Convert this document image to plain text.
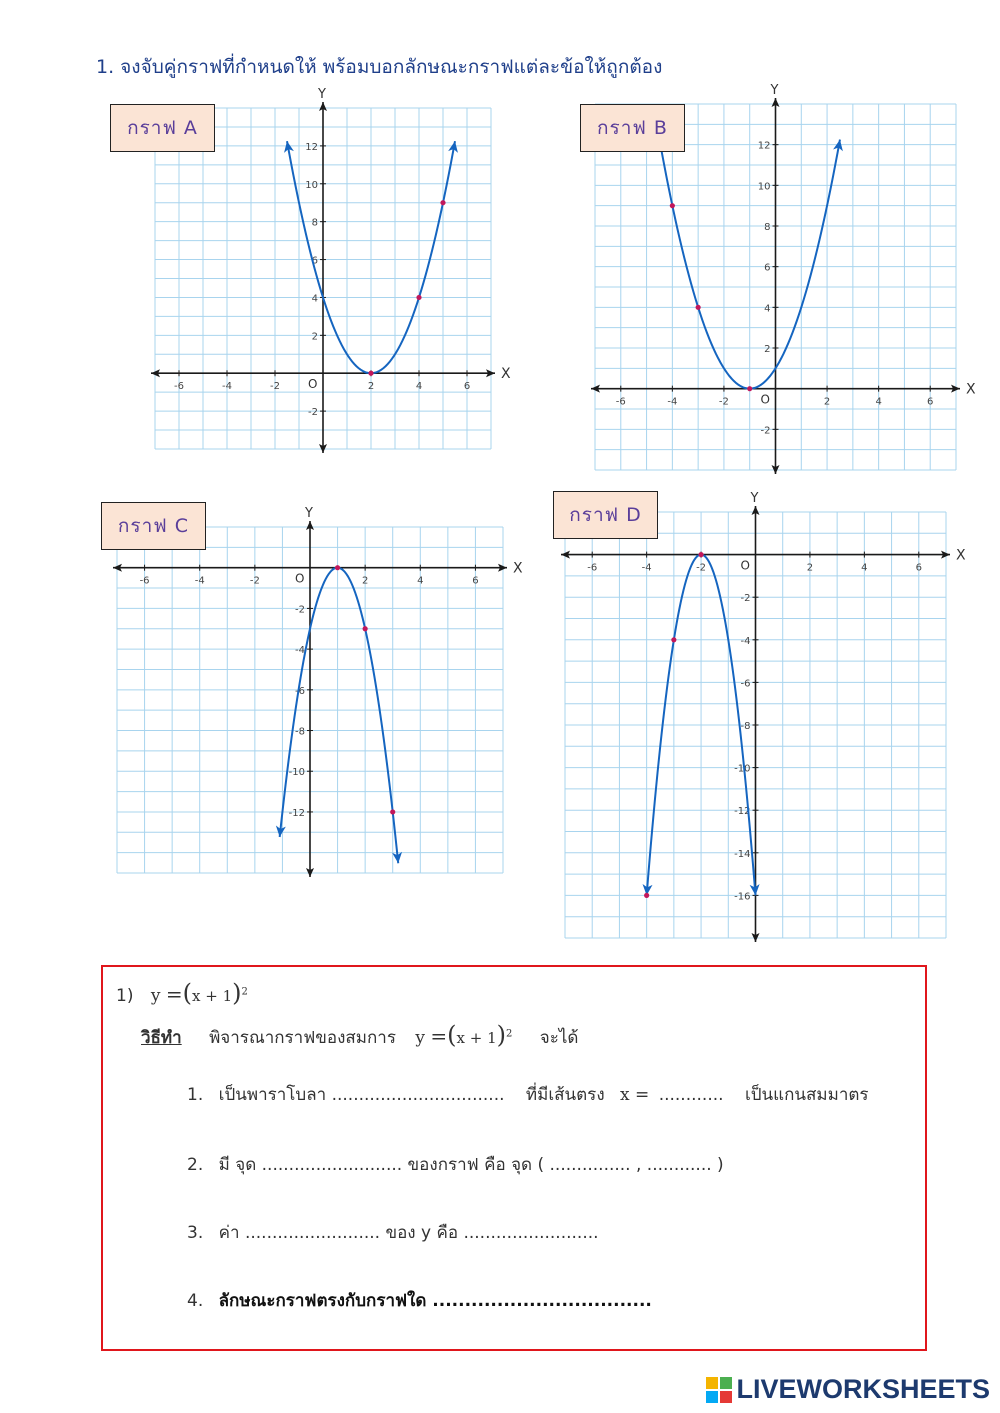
1. จงจับคู่กราฟที่กำหนดให้ พร้อมบอกลักษณะกราฟแต่ละข้อให้ถูกต้อง
X
Y
O
-6	-4	-2	2	4	6
-2
2
4
6
8
10
12
กราฟ A
X
Y
O
-6	-4	-2	2	4	6
-2
2
4
6
8
10
12
กราฟ B
X
Y
O
-6	-4	-2	2	4	6
-2
-4
-6
-8
-10
-12
กราฟ C
X
Y
O
-6	-4	-2	2	4	6
-2
-4
-6
-8
-10
-12
-14
-16
กราฟ D
1) $y =(x + 1)^2$
วิธีทำ พิจารณากราฟของสมการ $y =(x + 1)^2$ จะได้
1. เป็นพาราโบลา ................................ ที่มีเส้นตรง x = ............ เป็นแกนสมมาตร
2. มี จุด .......................... ของกราฟ คือ จุด ( ............... , ............ )
3. ค่า ......................... ของ y คือ .........................
4. ลักษณะกราฟตรงกับกราฟใด ..................................
LIVEWORKSHEETS
